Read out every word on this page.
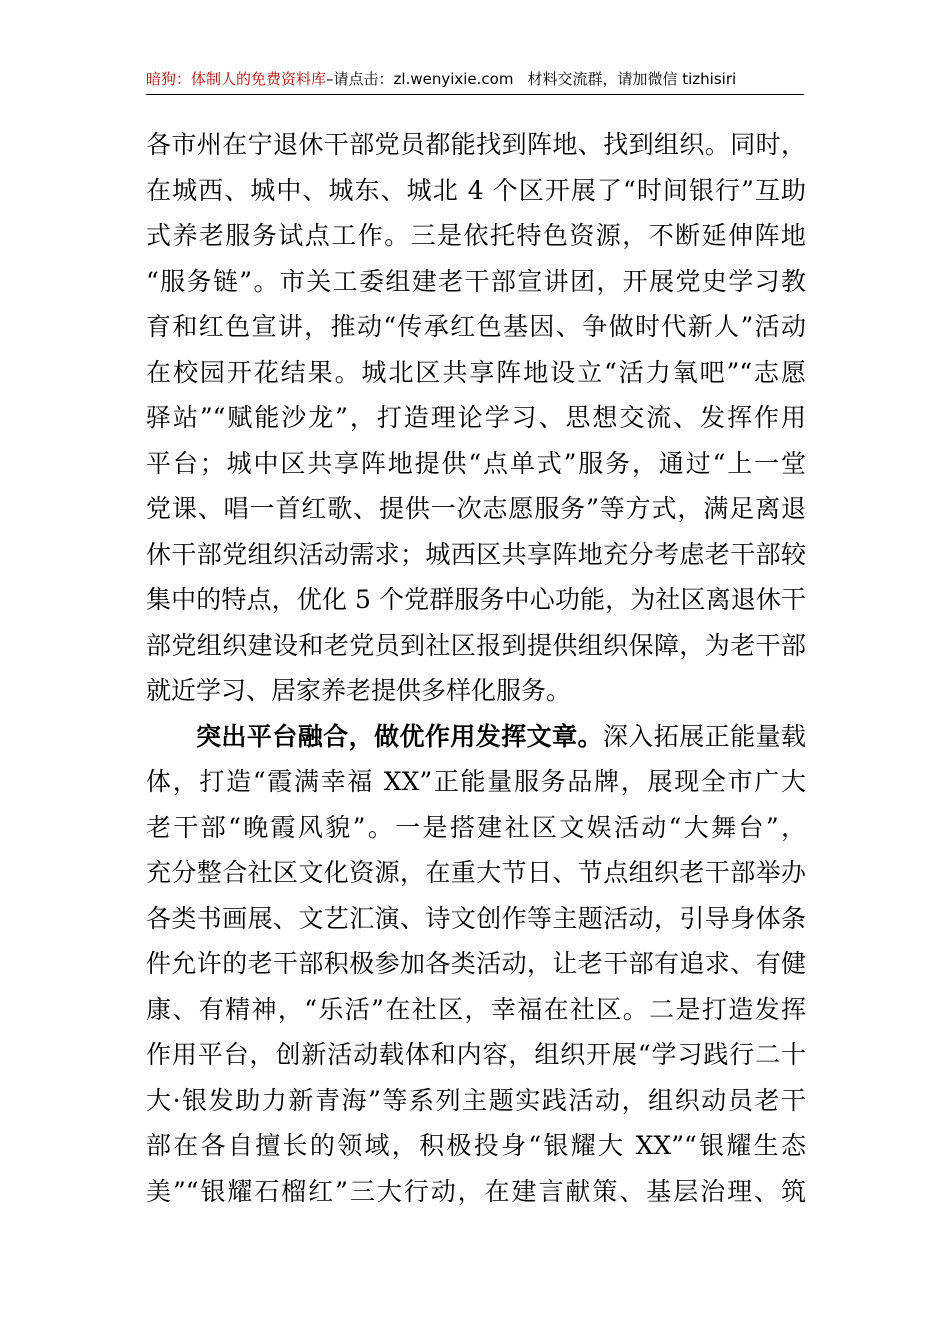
暗狗：体制人的免费资料库–请点击：zl.wenyixie.com 材料交流群，请加微信 tizhisiri
各市州在宁退休干部党员都能找到阵地、找到组织。同时，
在城西、城中、城东、城北 4 个区开展了“时间银行”互助
式养老服务试点工作。三是依托特色资源，不断延伸阵地
“服务链”。市关工委组建老干部宣讲团，开展党史学习教
育和红色宣讲，推动“传承红色基因、争做时代新人”活动
在校园开花结果。城北区共享阵地设立“活力氧吧”“志愿
驿站”“赋能沙龙”，打造理论学习、思想交流、发挥作用
平台；城中区共享阵地提供“点单式”服务，通过“上一堂
党课、唱一首红歌、提供一次志愿服务”等方式，满足离退
休干部党组织活动需求；城西区共享阵地充分考虑老干部较
集中的特点，优化 5 个党群服务中心功能，为社区离退休干
部党组织建设和老党员到社区报到提供组织保障，为老干部
就近学习、居家养老提供多样化服务。
突出平台融合，做优作用发挥文章。深入拓展正能量载
体，打造“霞满幸福 XX”正能量服务品牌，展现全市广大
老干部“晚霞风貌”。一是搭建社区文娱活动“大舞台”，
充分整合社区文化资源，在重大节日、节点组织老干部举办
各类书画展、文艺汇演、诗文创作等主题活动，引导身体条
件允许的老干部积极参加各类活动，让老干部有追求、有健
康、有精神，“乐活”在社区，幸福在社区。二是打造发挥
作用平台，创新活动载体和内容，组织开展“学习践行二十
大·银发助力新青海”等系列主题实践活动，组织动员老干
部在各自擅长的领域，积极投身“银耀大 XX”“银耀生态
美”“银耀石榴红”三大行动，在建言献策、基层治理、筑
